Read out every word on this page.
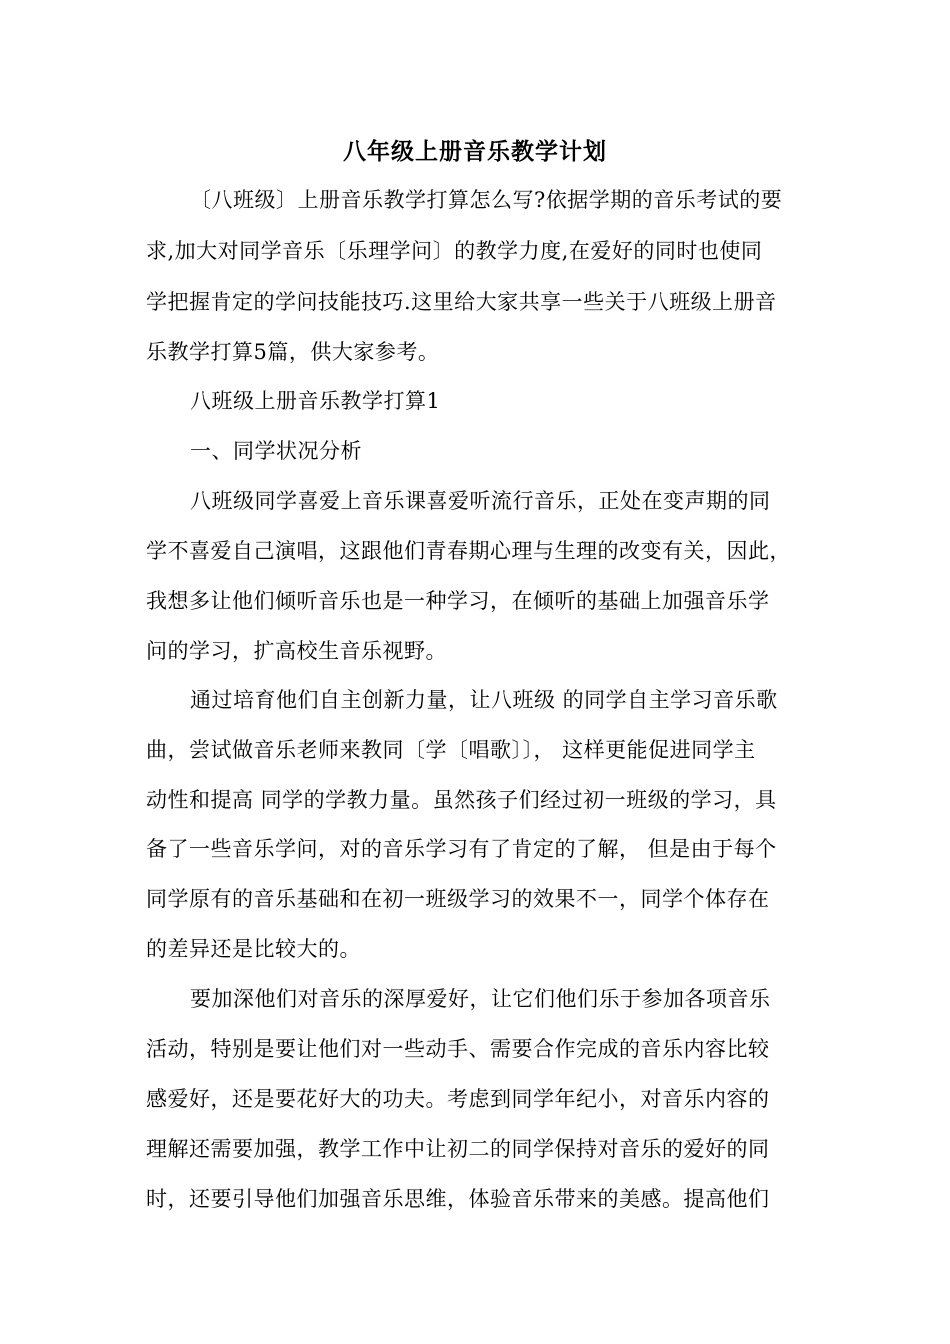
八年级上册音乐教学计划
〔八班级〕上册音乐教学打算怎么写?依据学期的音乐考试的要
求,加大对同学音乐〔乐理学问〕的教学力度,在爱好的同时也使同
学把握肯定的学问技能技巧.这里给大家共享一些关于八班级上册音
乐教学打算5篇，供大家参考。
八班级上册音乐教学打算1
一、同学状况分析
八班级同学喜爱上音乐课喜爱听流行音乐，正处在变声期的同
学不喜爱自己演唱，这跟他们青春期心理与生理的改变有关，因此，
我想多让他们倾听音乐也是一种学习，在倾听的基础上加强音乐学
问的学习，扩高校生音乐视野。
通过培育他们自主创新力量，让八班级 的同学自主学习音乐歌
曲，尝试做音乐老师来教同〔学〔唱歌〕〕， 这样更能促进同学主
动性和提高 同学的学教力量。虽然孩子们经过初一班级的学习，具
备了一些音乐学问，对的音乐学习有了肯定的了解， 但是由于每个
同学原有的音乐基础和在初一班级学习的效果不一，同学个体存在
的差异还是比较大的。
要加深他们对音乐的深厚爱好，让它们他们乐于参加各项音乐
活动，特别是要让他们对一些动手、需要合作完成的音乐内容比较
感爱好，还是要花好大的功夫。考虑到同学年纪小，对音乐内容的
理解还需要加强，教学工作中让初二的同学保持对音乐的爱好的同
时，还要引导他们加强音乐思维，体验音乐带来的美感。提高他们
